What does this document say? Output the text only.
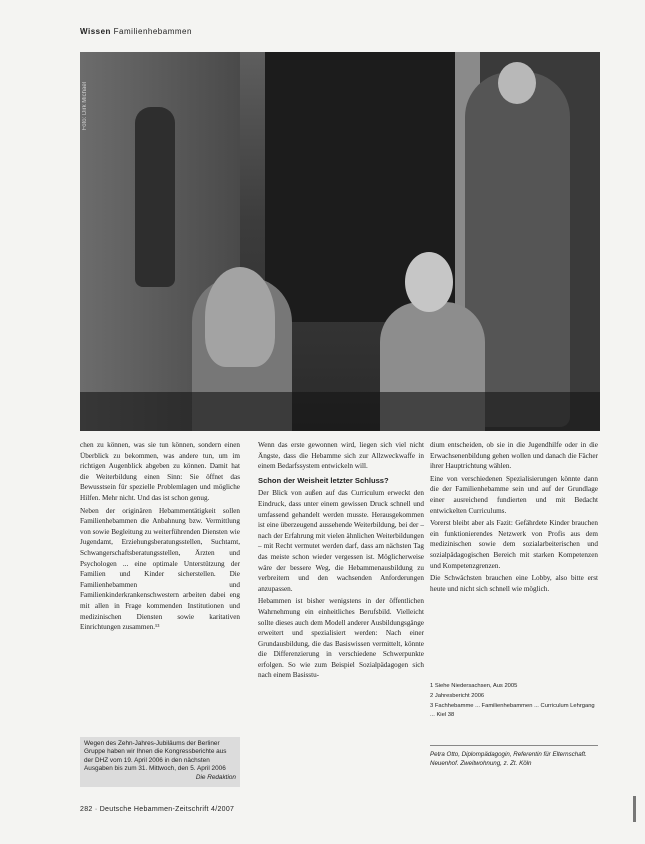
Wissen Familienhebammen
Foto: Dirk Michael

chen zu können, was sie tun können, sondern einen Überblick zu bekommen, was andere tun, um im richtigen Augenblick abgeben zu können. Damit hat die Weiterbildung einen Sinn: Sie öffnet das Bewusstsein für spezielle Problemlagen und mögliche Hilfen. Mehr nicht. Und das ist schon genug.

Neben der originären Hebammentätigkeit sollen Familienhebammen die Anbahnung bzw. Vermittlung von sowie Begleitung zu weiterführenden Diensten wie Jugendamt, Erziehungsberatungsstellen, Suchtamt, Schwangerschaftsberatungsstellen, Ärzten und Psychologen ... eine optimale Unterstützung der Familien und Kinder sicherstellen. Die Familienhebammen und Familienkinderkrankenschwestern arbeiten dabei eng mit allen in Frage kommenden Institutionen und medizinischen Diensten sowie karitativen Einrichtungen zusammen.¹³

Wegen des Zehn-Jahres-Jubiläums der Berliner Gruppe haben wir Ihnen die Kongressberichte aus der DHZ vom 19. April 2006 in den nächsten Ausgaben bis zum 31. Mittwoch, den 5. April 2006
Die Redaktion

Wenn das erste gewonnen wird, liegen sich viel nicht Ängste, dass die Hebamme sich zur Allzweckwaffe in einem Bedarfssystem entwickeln will.

Schon der Weisheit letzter Schluss?

Der Blick von außen auf das Curriculum erweckt den Eindruck, dass unter einem gewissen Druck schnell und umfassend gehandelt werden musste. Herausgekommen ist eine überzeugend aussehende Weiterbildung, bei der – nach der Erfahrung mit vielen ähnlichen Weiterbildungen – mit Recht vermutet werden darf, dass am nächsten Tag das meiste schon wieder vergessen ist. Möglicherweise wäre der bessere Weg, die Hebammenausbildung zu verbreitern und den wachsenden Anforderungen anzupassen.

Hebammen ist bisher wenigstens in der öffentlichen Wahrnehmung ein einheitliches Berufsbild. Vielleicht sollte dieses auch dem Modell anderer Ausbildungsgänge erweitert und spezialisiert werden: Nach einer Grundausbildung, die das Basiswissen vermittelt, könnte die Differenzierung in verschiedene Schwerpunkte erfolgen. So wie zum Beispiel Sozialpädagogen sich nach einem Basisstu-

dium entscheiden, ob sie in die Jugendhilfe oder in die Erwachsenenbildung gehen wollen und danach die Fächer ihrer Hauptrichtung wählen.

Eine von verschiedenen Spezialisierungen könnte dann die der Familienhebamme sein und auf der Grundlage einer ausreichend fundierten und mit Bedacht entwickelten Curriculums.

Vorerst bleibt aber als Fazit: Gefährdete Kinder brauchen ein funktionierendes Netzwerk von Profis aus dem medizinischen sowie dem sozialarbeiterischen und sozialpädagogischen Bereich mit starken Kompetenzen und Kompetenzgrenzen.

Die Schwächsten brauchen eine Lobby, also bitte erst heute und nicht sich schnell wie möglich.

1 Siehe Niedersachsen, Aus 2005
2 Jahresbericht 2006
3 Fachhebamme ... Familienhebammen ... Curriculum Lehrgang ... Kiel 38
Petra Otto, Diplompädagogin, Referentin für Elternschaft. Neuenhof. Zweitwohnung, z. Zt. Köln
282 · Deutsche Hebammen-Zeitschrift 4/2007
